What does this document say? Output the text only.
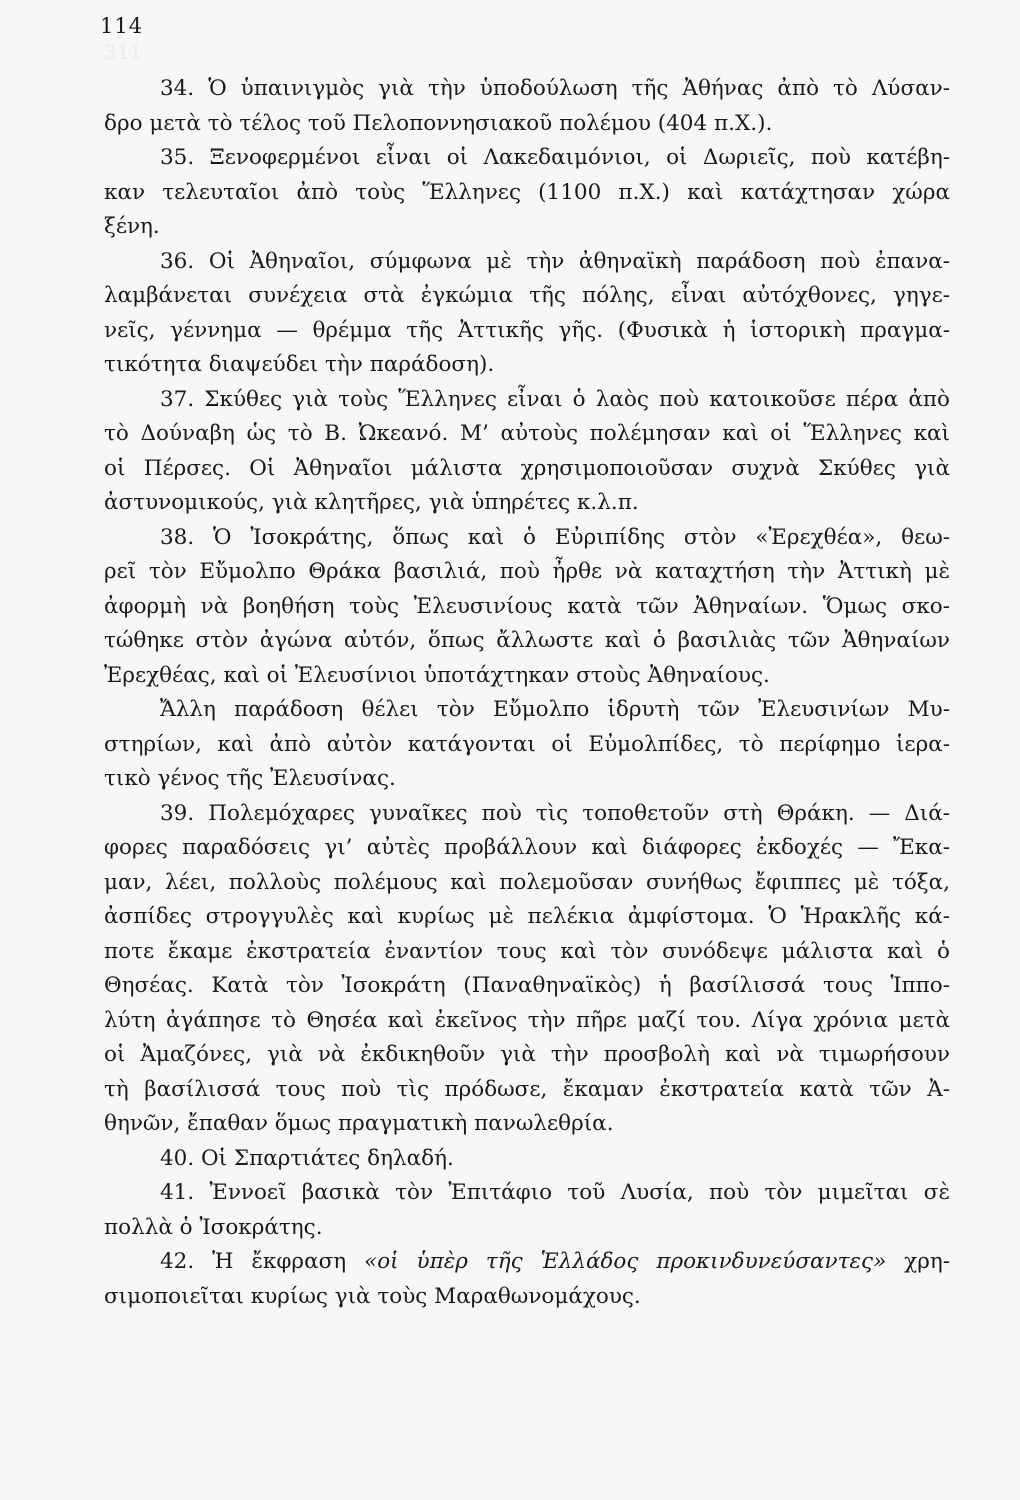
114
311
34. Ὁ ὑπαινιγμὸς γιὰ τὴν ὑποδούλωση τῆς Ἀθήνας ἀπὸ τὸ Λύσαν-
δρο μετὰ τὸ τέλος τοῦ Πελοποννησιακοῦ πολέμου (404 π.Χ.).
35. Ξενοφερμένοι εἶναι οἱ Λακεδαιμόνιοι, οἱ Δωριεῖς, ποὺ κατέβη-
καν τελευταῖοι ἀπὸ τοὺς Ἕλληνες (1100 π.Χ.) καὶ κατάχτησαν χώρα
ξένη.
36. Οἱ Ἀθηναῖοι, σύμφωνα μὲ τὴν ἀθηναϊκὴ παράδοση ποὺ ἐπανα-
λαμβάνεται συνέχεια στὰ ἐγκώμια τῆς πόλης, εἶναι αὐτόχθονες, γηγε-
νεῖς, γέννημα — θρέμμα τῆς Ἀττικῆς γῆς. (Φυσικὰ ἡ ἱστορικὴ πραγμα-
τικότητα διαψεύδει τὴν παράδοση).
37. Σκύθες γιὰ τοὺς Ἕλληνες εἶναι ὁ λαὸς ποὺ κατοικοῦσε πέρα ἀπὸ
τὸ Δούναβη ὡς τὸ Β. Ὠκεανό. Μ’ αὐτοὺς πολέμησαν καὶ οἱ Ἕλληνες καὶ
οἱ Πέρσες. Οἱ Ἀθηναῖοι μάλιστα χρησιμοποιοῦσαν συχνὰ Σκύθες γιὰ
ἀστυνομικούς, γιὰ κλητῆρες, γιὰ ὑπηρέτες κ.λ.π.
38. Ὁ Ἰσοκράτης, ὅπως καὶ ὁ Εὐριπίδης στὸν «Ἐρεχθέα», θεω-
ρεῖ τὸν Εὔμολπο Θράκα βασιλιά, ποὺ ἦρθε νὰ καταχτήση τὴν Ἀττικὴ μὲ
ἀφορμὴ νὰ βοηθήση τοὺς Ἐλευσινίους κατὰ τῶν Ἀθηναίων. Ὅμως σκο-
τώθηκε στὸν ἀγώνα αὐτόν, ὅπως ἄλλωστε καὶ ὁ βασιλιὰς τῶν Ἀθηναίων
Ἐρεχθέας, καὶ οἱ Ἐλευσίνιοι ὑποτάχτηκαν στοὺς Ἀθηναίους.
Ἄλλη παράδοση θέλει τὸν Εὔμολπο ἱδρυτὴ τῶν Ἐλευσινίων Μυ-
στηρίων, καὶ ἀπὸ αὐτὸν κατάγονται οἱ Εὐμολπίδες, τὸ περίφημο ἱερα-
τικὸ γένος τῆς Ἐλευσίνας.
39. Πολεμόχαρες γυναῖκες ποὺ τὶς τοποθετοῦν στὴ Θράκη. — Διά-
φορες παραδόσεις γι’ αὐτὲς προβάλλουν καὶ διάφορες ἐκδοχές — Ἔκα-
μαν, λέει, πολλοὺς πολέμους καὶ πολεμοῦσαν συνήθως ἔφιππες μὲ τόξα,
ἀσπίδες στρογγυλὲς καὶ κυρίως μὲ πελέκια ἀμφίστομα. Ὁ Ἡρακλῆς κά-
ποτε ἔκαμε ἐκστρατεία ἐναντίον τους καὶ τὸν συνόδεψε μάλιστα καὶ ὁ
Θησέας. Κατὰ τὸν Ἰσοκράτη (Παναθηναϊκὸς) ἡ βασίλισσά τους Ἱππο-
λύτη ἀγάπησε τὸ Θησέα καὶ ἐκεῖνος τὴν πῆρε μαζί του. Λίγα χρόνια μετὰ
οἱ Ἀμαζόνες, γιὰ νὰ ἐκδικηθοῦν γιὰ τὴν προσβολὴ καὶ νὰ τιμωρήσουν
τὴ βασίλισσά τους ποὺ τὶς πρόδωσε, ἔκαμαν ἐκστρατεία κατὰ τῶν Ἀ-
θηνῶν, ἔπαθαν ὅμως πραγματικὴ πανωλεθρία.
40. Οἱ Σπαρτιάτες δηλαδή.
41. Ἐννοεῖ βασικὰ τὸν Ἐπιτάφιο τοῦ Λυσία, ποὺ τὸν μιμεῖται σὲ
πολλὰ ὁ Ἰσοκράτης.
42. Ἡ ἔκφραση «οἱ ὑπὲρ τῆς Ἑλλάδος προκινδυνεύσαντες» χρη-
σιμοποιεῖται κυρίως γιὰ τοὺς Μαραθωνομάχους.
